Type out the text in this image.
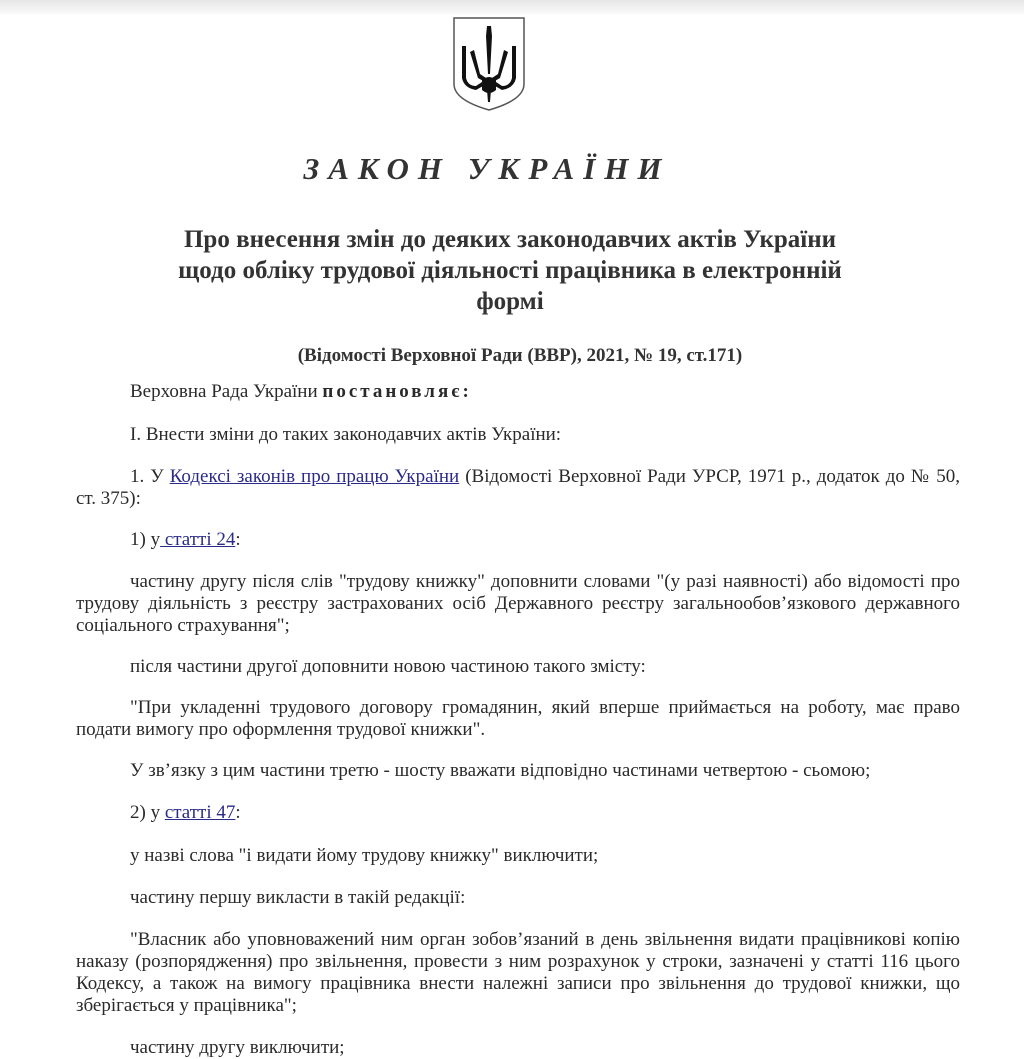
ЗАКОН УКРАЇНИ
Про внесення змін до деяких законодавчих актів України
щодо обліку трудової діяльності працівника в електронній
формі
(Відомості Верховної Ради (ВВР), 2021, № 19, ст.171)

Верховна Рада України постановляє:

І. Внести зміни до таких законодавчих актів України:

1. У Кодексі законів про працю України (Відомості Верховної Ради УРСР, 1971 р., додаток до № 50, ст. 375):

1) у статті 24:

частину другу після слів "трудову книжку" доповнити словами "(у разі наявності) або відомості про трудову діяльність з реєстру застрахованих осіб Державного реєстру загальнообов’язкового державного соціального страхування";

після частини другої доповнити новою частиною такого змісту:

"При укладенні трудового договору громадянин, який вперше приймається на роботу, має право подати вимогу про оформлення трудової книжки".

У зв’язку з цим частини третю - шосту вважати відповідно частинами четвертою - сьомою;

2) у статті 47:

у назві слова "і видати йому трудову книжку" виключити;

частину першу викласти в такій редакції:

"Власник або уповноважений ним орган зобов’язаний в день звільнення видати працівникові копію наказу (розпорядження) про звільнення, провести з ним розрахунок у строки, зазначені у статті 116 цього Кодексу, а також на вимогу працівника внести належні записи про звільнення до трудової книжки, що зберігається у працівника";

частину другу виключити;
